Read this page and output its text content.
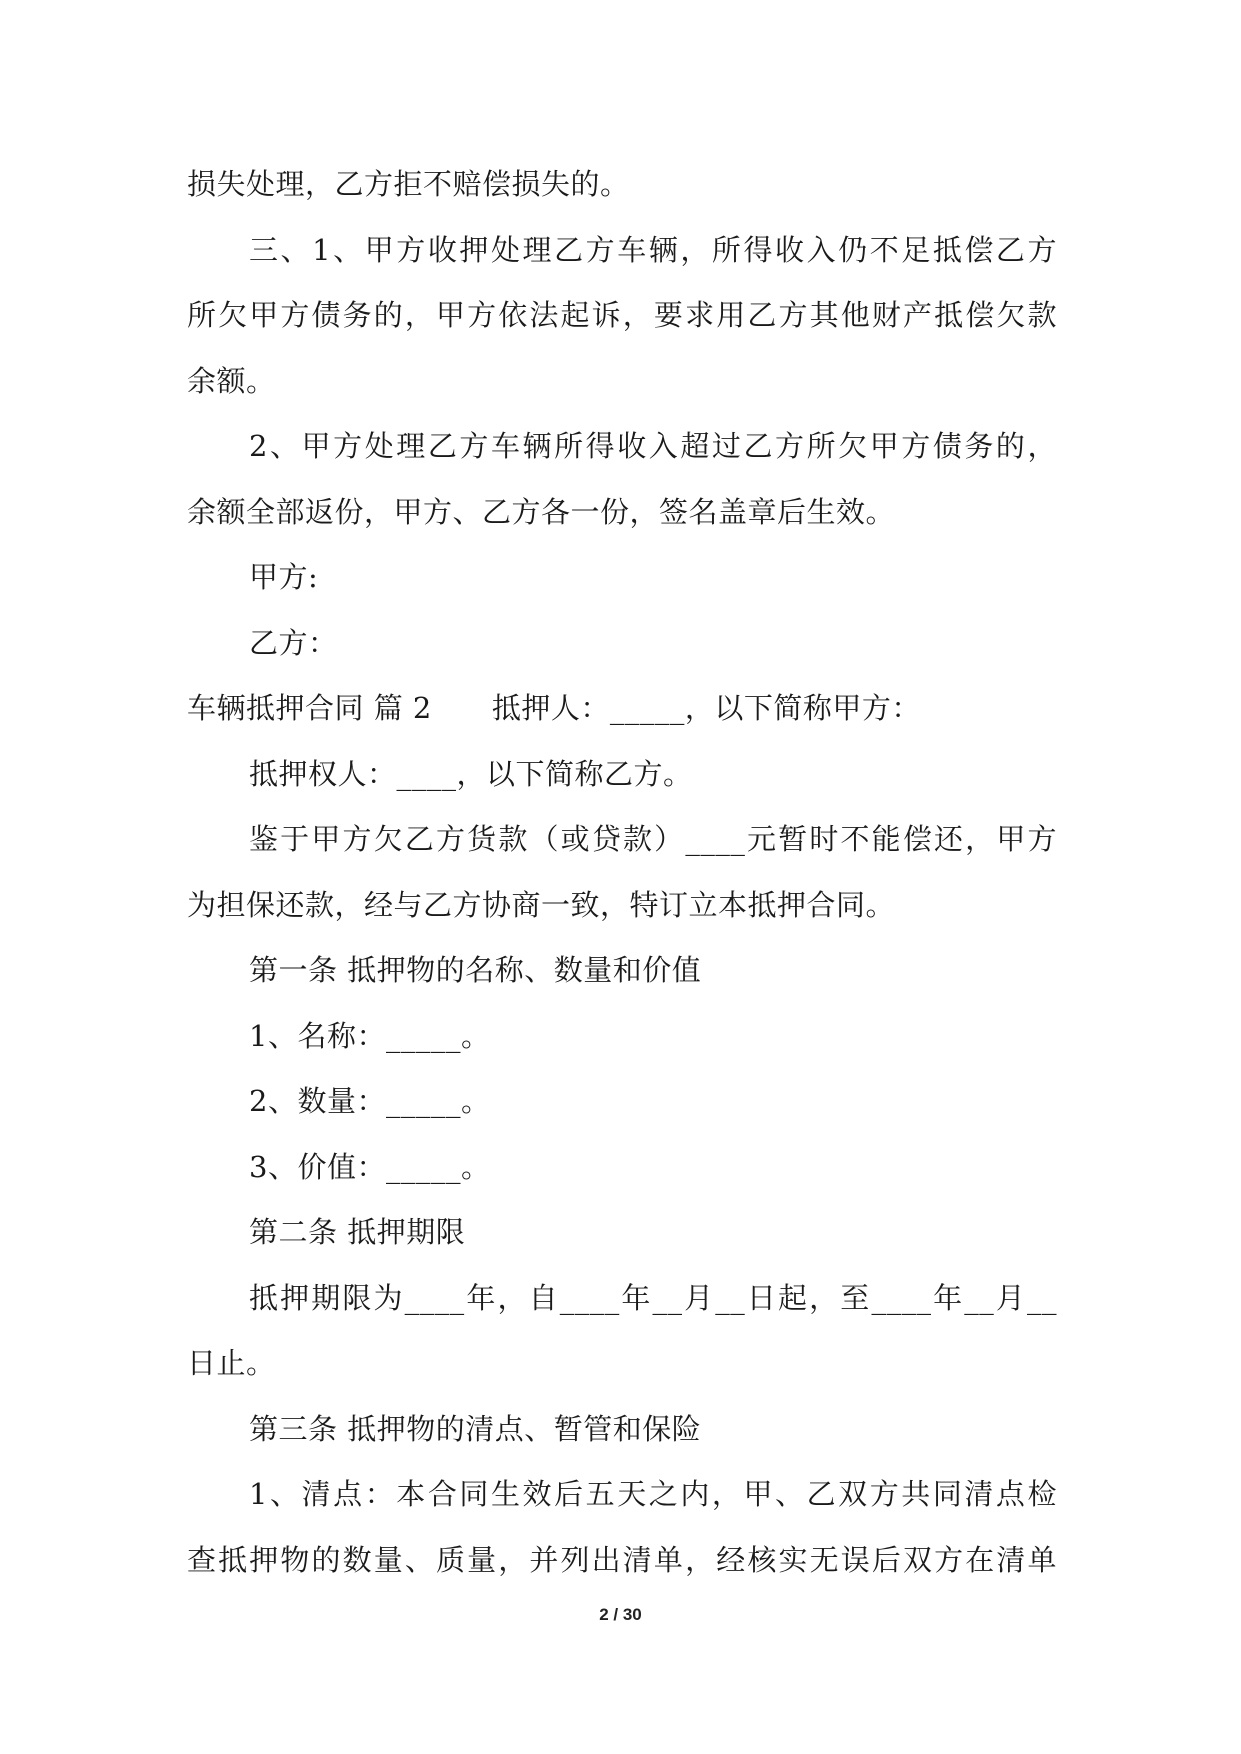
损失处理，乙方拒不赔偿损失的。
三、1、甲方收押处理乙方车辆，所得收入仍不足抵偿乙方
所欠甲方债务的，甲方依法起诉，要求用乙方其他财产抵偿欠款
余额。
2、甲方处理乙方车辆所得收入超过乙方所欠甲方债务的，
余额全部返份，甲方、乙方各一份，签名盖章后生效。
甲方:
乙方：
车辆抵押合同 篇 2 抵押人：_____，以下简称甲方：
抵押权人：____，以下简称乙方。
鉴于甲方欠乙方货款（或贷款）____元暂时不能偿还，甲方
为担保还款，经与乙方协商一致，特订立本抵押合同。
第一条 抵押物的名称、数量和价值
1、名称：_____。
2、数量：_____。
3、价值：_____。
第二条 抵押期限
抵押期限为____年，自____年__月__日起，至____年__月__
日止。
第三条 抵押物的清点、暂管和保险
1、清点：本合同生效后五天之内，甲、乙双方共同清点检
查抵押物的数量、质量，并列出清单，经核实无误后双方在清单
2 / 30
